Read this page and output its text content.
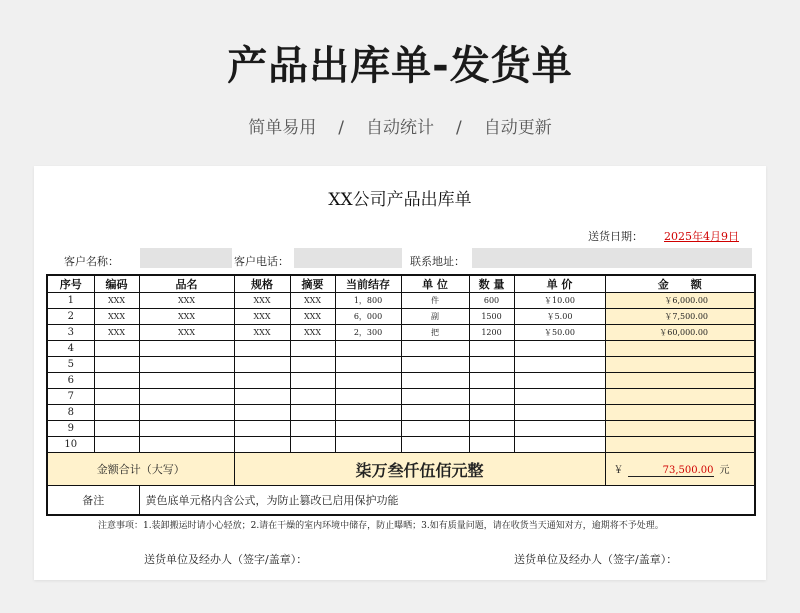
产品出库单-发货单
简单易用 / 自动统计 / 自动更新
XX公司产品出库单
送货日期： 2025年4月9日
客户名称：	客户电话：	联系地址：
序号	编码	品名	规格	摘要	当前结存	单 位	数 量	单 价	金　　额
1	XXX	XXX	XXX	XXX	1，800	件	600	￥10.00	￥6,000.00
2	XXX	XXX	XXX	XXX	6，000	副	1500	￥5.00	￥7,500.00
3	XXX	XXX	XXX	XXX	2，300	把	1200	￥50.00	￥60,000.00
4									
5									
6									
7									
8									
9									
10									
金额合计（大写）			柒万叁仟伍佰元整						￥ 73,500.00 元
备注		黄色底单元格内含公式，为防止篡改已启用保护功能							
注意事项：1.装卸搬运时请小心轻放；2.请在干燥的室内环境中储存，防止曝晒；3.如有质量问题，请在收货当天通知对方，逾期将不予处理。
送货单位及经办人（签字/盖章）：	送货单位及经办人（签字/盖章）：
